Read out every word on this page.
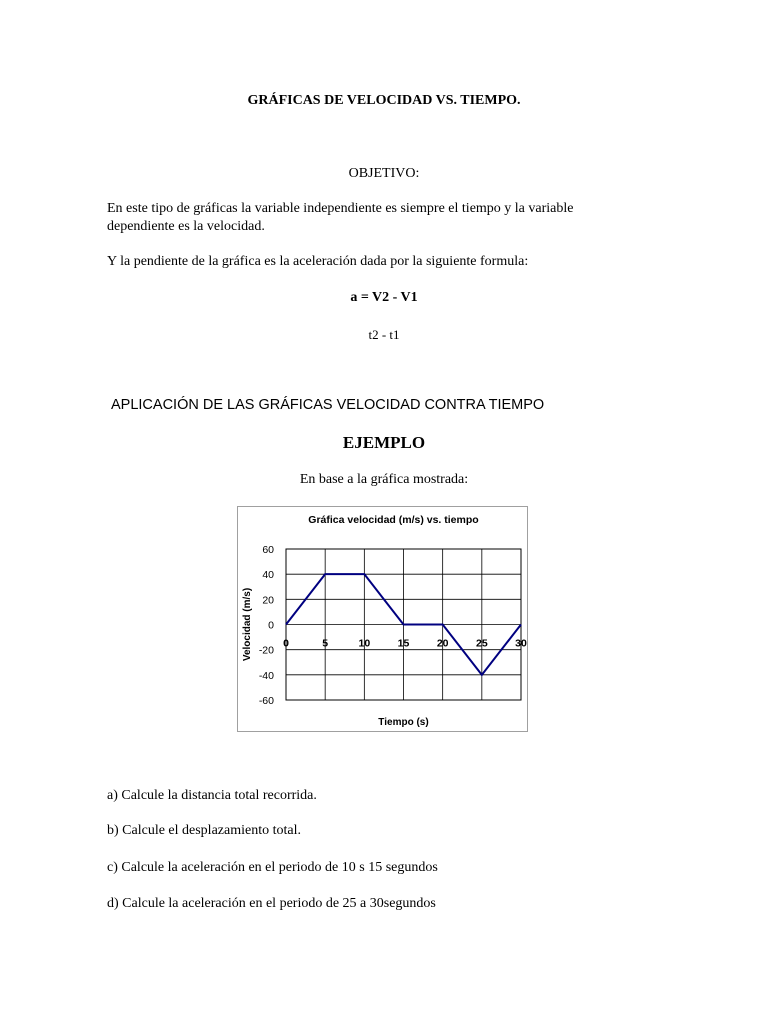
GRÁFICAS DE VELOCIDAD VS. TIEMPO.
OBJETIVO:
En este tipo de gráficas la variable independiente es siempre el tiempo y la variable
dependiente es la velocidad.
Y la pendiente de la gráfica es la aceleración dada por la siguiente formula:
a = V2 - V1
t2 - t1
APLICACIÓN DE LAS GRÁFICAS VELOCIDAD CONTRA TIEMPO
EJEMPLO
En base a la gráfica mostrada:
Gráfica velocidad (m/s) vs. tiempo
60
40
20
0
-20
-40
-60
0	5	10	15	20	25	30
Tiempo (s)
Velocidad (m/s)
a) Calcule la distancia total recorrida.
b) Calcule el desplazamiento total.
c) Calcule la aceleración en el periodo de 10 s 15 segundos
d) Calcule la aceleración en el periodo de 25 a 30segundos
